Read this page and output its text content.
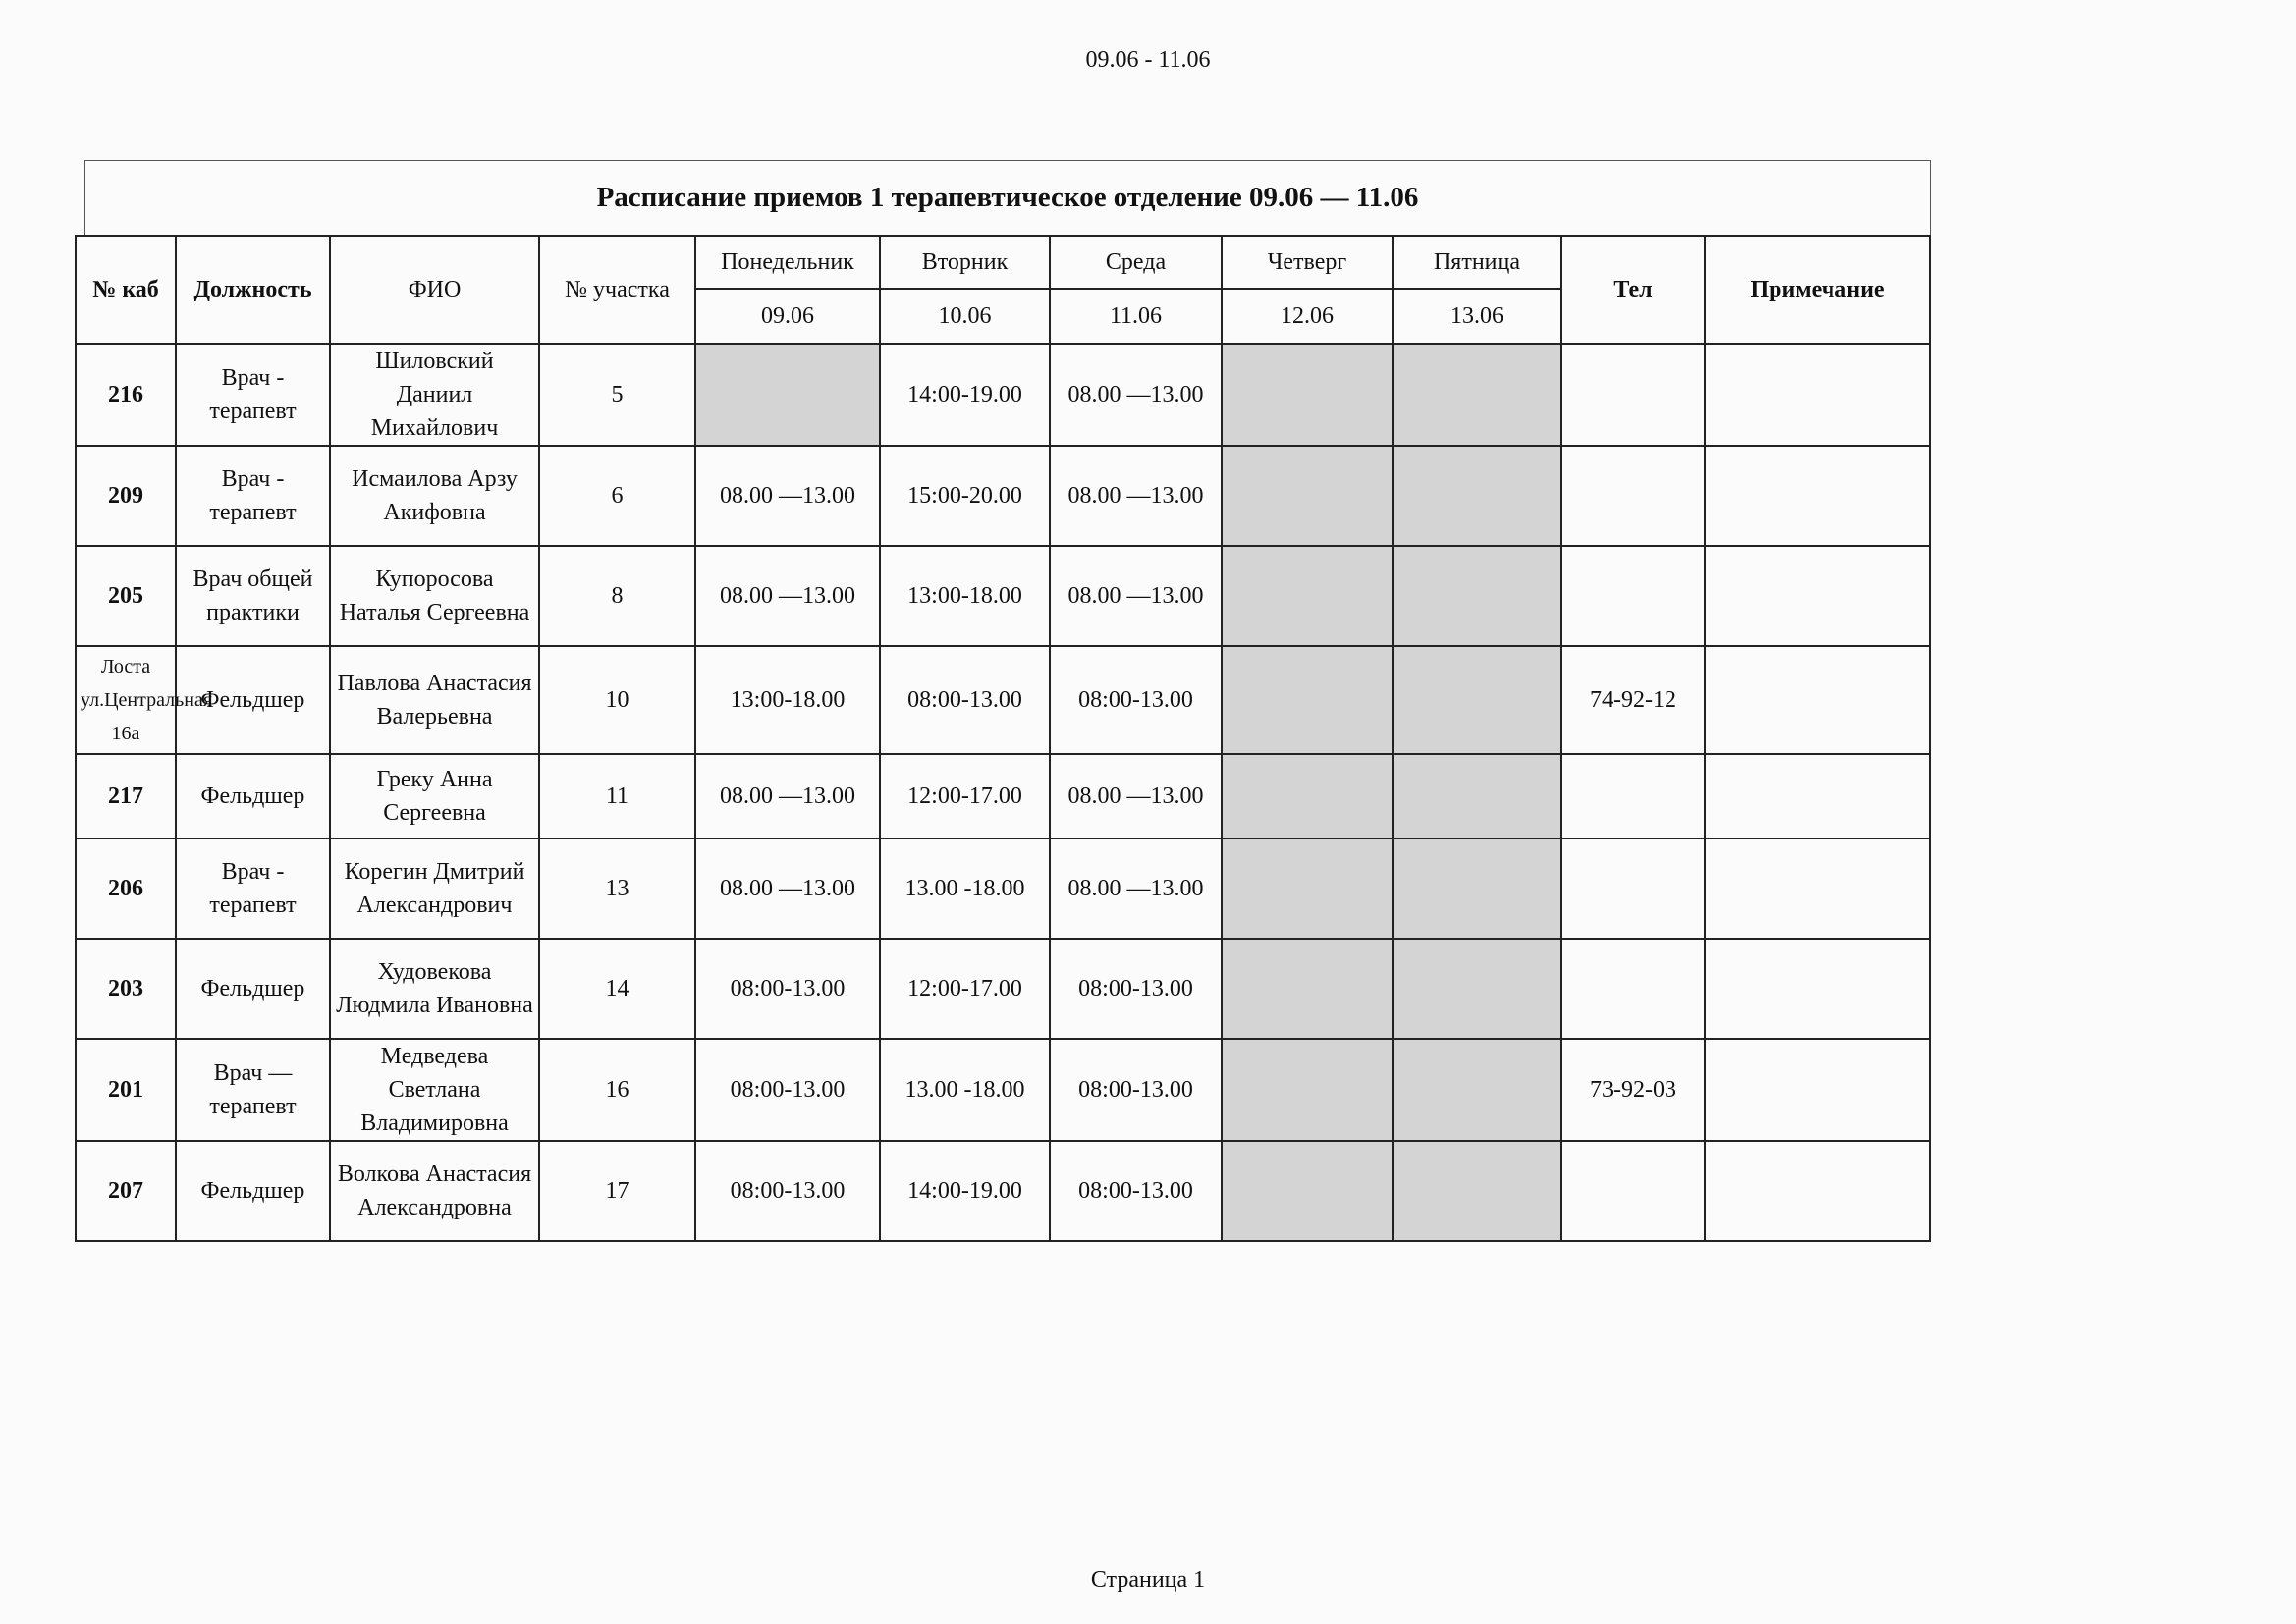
09.06 - 11.06
Расписание приемов 1 терапевтическое отделение 09.06 — 11.06
№ каб	Должность	ФИО	№ участка	Понедельник	Вторник	Среда	Четверг	Пятница	Тел	Примечание
				09.06	10.06	11.06	12.06	13.06		
216	Врач - терапевт	Шиловский Даниил Михайлович	5		14:00-19.00	08.00 —13.00				
209	Врач - терапевт	Исмаилова Арзу Акифовна	6	08.00 —13.00	15:00-20.00	08.00 —13.00				
205	Врач общей практики	Купоросова Наталья Сергеевна	8	08.00 —13.00	13:00-18.00	08.00 —13.00				
Лоста ул.Центральная 16а	Фельдшер	Павлова Анастасия Валерьевна	10	13:00-18.00	08:00-13.00	08:00-13.00			74-92-12	
217	Фельдшер	Греку Анна Сергеевна	11	08.00 —13.00	12:00-17.00	08.00 —13.00				
206	Врач - терапевт	Корегин Дмитрий Александрович	13	08.00 —13.00	13.00 -18.00	08.00 —13.00				
203	Фельдшер	Худовекова Людмила Ивановна	14	08:00-13.00	12:00-17.00	08:00-13.00				
201	Врач — терапевт	Медведева Светлана Владимировна	16	08:00-13.00	13.00 -18.00	08:00-13.00			73-92-03	
207	Фельдшер	Волкова Анастасия Александровна	17	08:00-13.00	14:00-19.00	08:00-13.00				
Страница 1
